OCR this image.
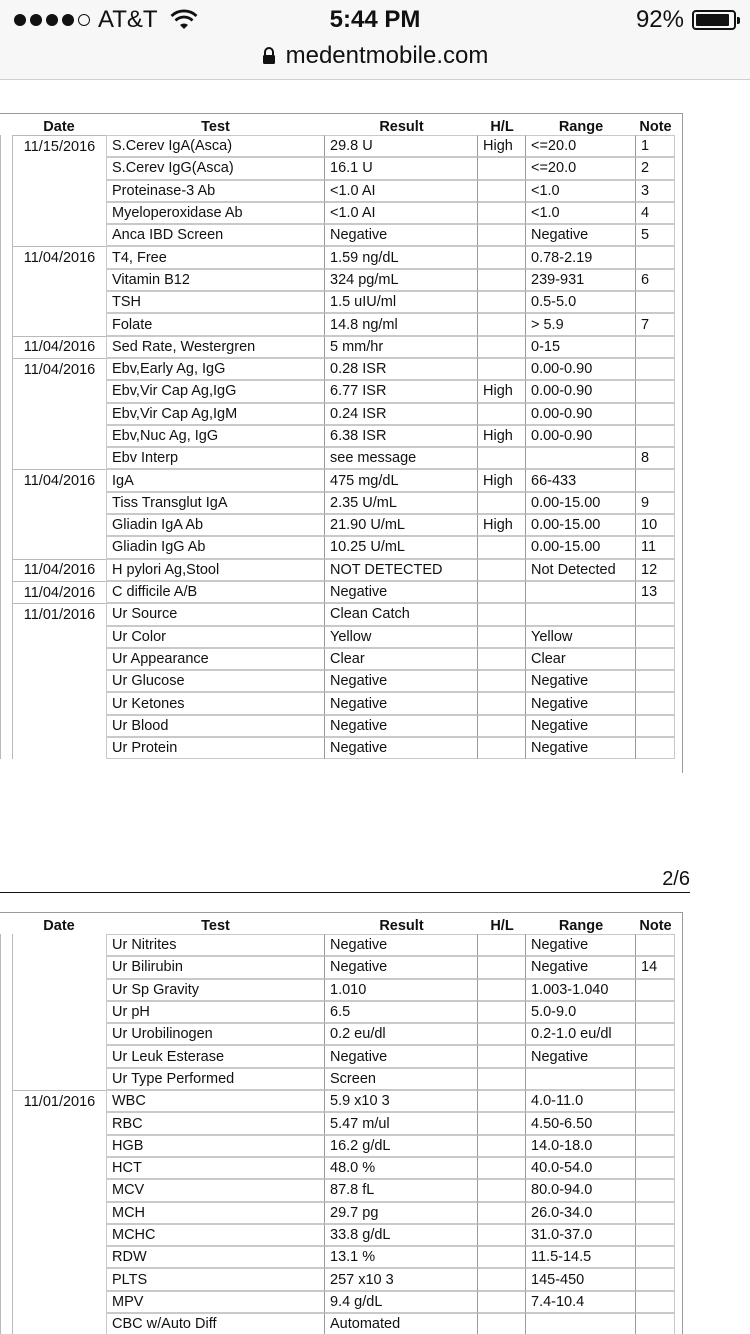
AT&T	5:44 PM	92%
medentmobile.com
	Date	Test	Result	H/L	Range	Note
	11/15/2016	S.Cerev IgA(Asca)	29.8 U	High	<=20.0	1
		S.Cerev IgG(Asca)	16.1 U		<=20.0	2
		Proteinase-3 Ab	<1.0 AI		<1.0	3
		Myeloperoxidase Ab	<1.0 AI		<1.0	4
		Anca IBD Screen	Negative		Negative	5
	11/04/2016	T4, Free	1.59 ng/dL		0.78-2.19	
		Vitamin B12	324 pg/mL		239-931	6
		TSH	1.5 uIU/ml		0.5-5.0	
		Folate	14.8 ng/ml		> 5.9	7
	11/04/2016	Sed Rate, Westergren	5 mm/hr		0-15	
	11/04/2016	Ebv,Early Ag, IgG	0.28 ISR		0.00-0.90	
		Ebv,Vir Cap Ag,IgG	6.77 ISR	High	0.00-0.90	
		Ebv,Vir Cap Ag,IgM	0.24 ISR		0.00-0.90	
		Ebv,Nuc Ag, IgG	6.38 ISR	High	0.00-0.90	
		Ebv Interp	see message			8
	11/04/2016	IgA	475 mg/dL	High	66-433	
		Tiss Transglut IgA	2.35 U/mL		0.00-15.00	9
		Gliadin IgA Ab	21.90 U/mL	High	0.00-15.00	10
		Gliadin IgG Ab	10.25 U/mL		0.00-15.00	11
	11/04/2016	H pylori Ag,Stool	NOT DETECTED		Not Detected	12
	11/04/2016	C difficile A/B	Negative			13
	11/01/2016	Ur Source	Clean Catch			
		Ur Color	Yellow		Yellow	
		Ur Appearance	Clear		Clear	
		Ur Glucose	Negative		Negative	
		Ur Ketones	Negative		Negative	
		Ur Blood	Negative		Negative	
		Ur Protein	Negative		Negative	
2/6
	Date	Test	Result	H/L	Range	Note
		Ur Nitrites	Negative		Negative	
		Ur Bilirubin	Negative		Negative	14
		Ur Sp Gravity	1.010		1.003-1.040	
		Ur pH	6.5		5.0-9.0	
		Ur Urobilinogen	0.2 eu/dl		0.2-1.0 eu/dl	
		Ur Leuk Esterase	Negative		Negative	
		Ur Type Performed	Screen			
	11/01/2016	WBC	5.9 x10 3		4.0-11.0	
		RBC	5.47 m/ul		4.50-6.50	
		HGB	16.2 g/dL		14.0-18.0	
		HCT	48.0 %		40.0-54.0	
		MCV	87.8 fL		80.0-94.0	
		MCH	29.7 pg		26.0-34.0	
		MCHC	33.8 g/dL		31.0-37.0	
		RDW	13.1 %		11.5-14.5	
		PLTS	257 x10 3		145-450	
		MPV	9.4 g/dL		7.4-10.4	
		CBC w/Auto Diff	Automated			
